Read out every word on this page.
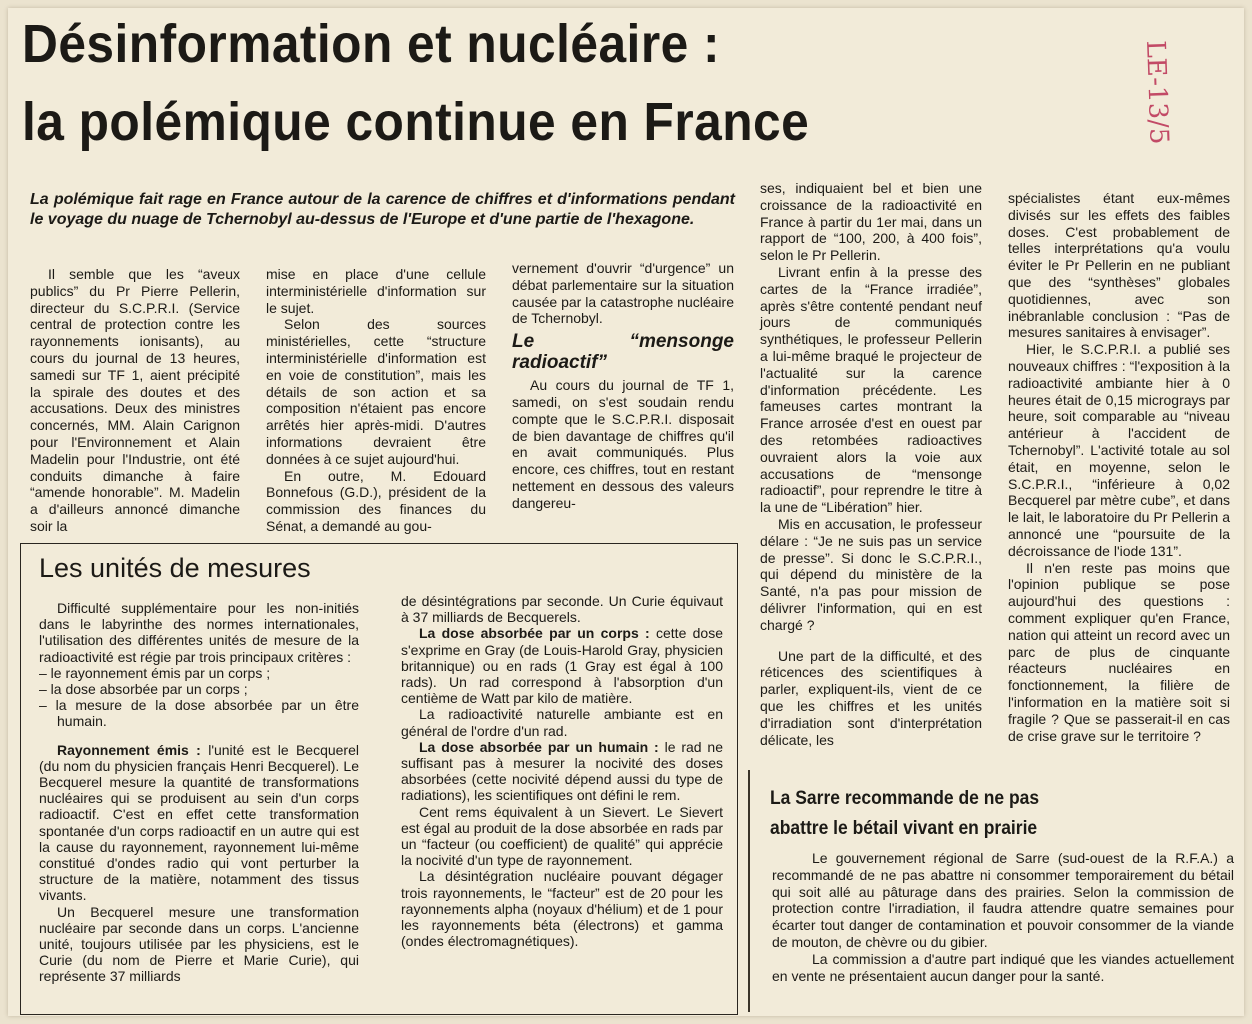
Désinformation et nucléaire :
la polémique continue en France	LE-13/5
La polémique fait rage en France autour de la carence de chiffres et d'informations pendant le voyage du nuage de Tchernobyl au-dessus de l'Europe et d'une partie de l'hexagone.

Il semble que les “aveux publics” du Pr Pierre Pellerin, directeur du S.C.P.R.I. (Service central de protection contre les rayonnements ionisants), au cours du journal de 13 heures, samedi sur TF 1, aient précipité la spirale des doutes et des accusations. Deux des ministres concernés, MM. Alain Carignon pour l'Environnement et Alain Madelin pour l'Industrie, ont été conduits dimanche à faire “amende honorable”. M. Madelin a d'ailleurs annoncé dimanche soir la

mise en place d'une cellule interministérielle d'information sur le sujet.

Selon des sources ministérielles, cette “structure interministérielle d'information est en voie de constitution”, mais les détails de son action et sa composition n'étaient pas encore arrêtés hier après-midi. D'autres informations devraient être données à ce sujet aujourd'hui.

En outre, M. Edouard Bonnefous (G.D.), président de la commission des finances du Sénat, a demandé au gou-

vernement d'ouvrir “d'urgence” un débat parlementaire sur la situation causée par la catastrophe nucléaire de Tchernobyl.

Le “mensonge radioactif”

Au cours du journal de TF 1, samedi, on s'est soudain rendu compte que le S.C.P.R.I. disposait de bien davantage de chiffres qu'il en avait communiqués. Plus encore, ces chiffres, tout en restant nettement en dessous des valeurs dangereu-

ses, indiquaient bel et bien une croissance de la radioactivité en France à partir du 1er mai, dans un rapport de “100, 200, à 400 fois”, selon le Pr Pellerin.

Livrant enfin à la presse des cartes de la “France irradiée”, après s'être contenté pendant neuf jours de communiqués synthétiques, le professeur Pellerin a lui-même braqué le projecteur de l'actualité sur la carence d'information précédente. Les fameuses cartes montrant la France arrosée d'est en ouest par des retombées radioactives ouvraient alors la voie aux accusations de “mensonge radioactif”, pour reprendre le titre à la une de “Libération” hier.

Mis en accusation, le professeur délare : “Je ne suis pas un service de presse”. Si donc le S.C.P.R.I., qui dépend du ministère de la Santé, n'a pas pour mission de délivrer l'information, qui en est chargé ?

Une part de la difficulté, et des réticences des scientifiques à parler, expliquent-ils, vient de ce que les chiffres et les unités d'irradiation sont d'interprétation délicate, les

spécialistes étant eux-mêmes divisés sur les effets des faibles doses. C'est probablement de telles interprétations qu'a voulu éviter le Pr Pellerin en ne publiant que des “synthèses” globales quotidiennes, avec son inébranlable conclusion : “Pas de mesures sanitaires à envisager”.

Hier, le S.C.P.R.I. a publié ses nouveaux chiffres : “l'exposition à la radioactivité ambiante hier à 0 heures était de 0,15 micrograys par heure, soit comparable au “niveau antérieur à l'accident de Tchernobyl”. L'activité totale au sol était, en moyenne, selon le S.C.P.R.I., “inférieure à 0,02 Becquerel par mètre cube”, et dans le lait, le laboratoire du Pr Pellerin a annoncé une “poursuite de la décroissance de l'iode 131”.

Il n'en reste pas moins que l'opinion publique se pose aujourd'hui des questions : comment expliquer qu'en France, nation qui atteint un record avec un parc de plus de cinquante réacteurs nucléaires en fonctionnement, la filière de l'information en la matière soit si fragile ? Que se passerait-il en cas de crise grave sur le territoire ?

Les unités de mesures

Difficulté supplémentaire pour les non-initiés dans le labyrinthe des normes internationales, l'utilisation des différentes unités de mesure de la radioactivité est régie par trois principaux critères :

– le rayonnement émis par un corps ;

– la dose absorbée par un corps ;

– la mesure de la dose absorbée par un être humain.

Rayonnement émis : l'unité est le Becquerel (du nom du physicien français Henri Becquerel). Le Becquerel mesure la quantité de transformations nucléaires qui se produisent au sein d'un corps radioactif. C'est en effet cette transformation spontanée d'un corps radioactif en un autre qui est la cause du rayonnement, rayonnement lui-même constitué d'ondes radio qui vont perturber la structure de la matière, notamment des tissus vivants.

Un Becquerel mesure une transformation nucléaire par seconde dans un corps. L'ancienne unité, toujours utilisée par les physiciens, est le Curie (du nom de Pierre et Marie Curie), qui représente 37 milliards

de désintégrations par seconde. Un Curie équivaut à 37 milliards de Becquerels.

La dose absorbée par un corps : cette dose s'exprime en Gray (de Louis-Harold Gray, physicien britannique) ou en rads (1 Gray est égal à 100 rads). Un rad correspond à l'absorption d'un centième de Watt par kilo de matière.

La radioactivité naturelle ambiante est en général de l'ordre d'un rad.

La dose absorbée par un humain : le rad ne suffisant pas à mesurer la nocivité des doses absorbées (cette nocivité dépend aussi du type de radiations), les scientifiques ont défini le rem.

Cent rems équivalent à un Sievert. Le Sievert est égal au produit de la dose absorbée en rads par un “facteur (ou coefficient) de qualité” qui apprécie la nocivité d'un type de rayonnement.

La désintégration nucléaire pouvant dégager trois rayonnements, le “facteur” est de 20 pour les rayonnements alpha (noyaux d'hélium) et de 1 pour les rayonnements béta (électrons) et gamma (ondes électromagnétiques).

La Sarre recommande de ne pas
abattre le bétail vivant en prairie

Le gouvernement régional de Sarre (sud-ouest de la R.F.A.) a recommandé de ne pas abattre ni consommer temporairement du bétail qui soit allé au pâturage dans des prairies. Selon la commission de protection contre l'irradiation, il faudra attendre quatre semaines pour écarter tout danger de contamination et pouvoir consommer de la viande de mouton, de chèvre ou du gibier.

La commission a d'autre part indiqué que les viandes actuellement en vente ne présentaient aucun danger pour la santé.
